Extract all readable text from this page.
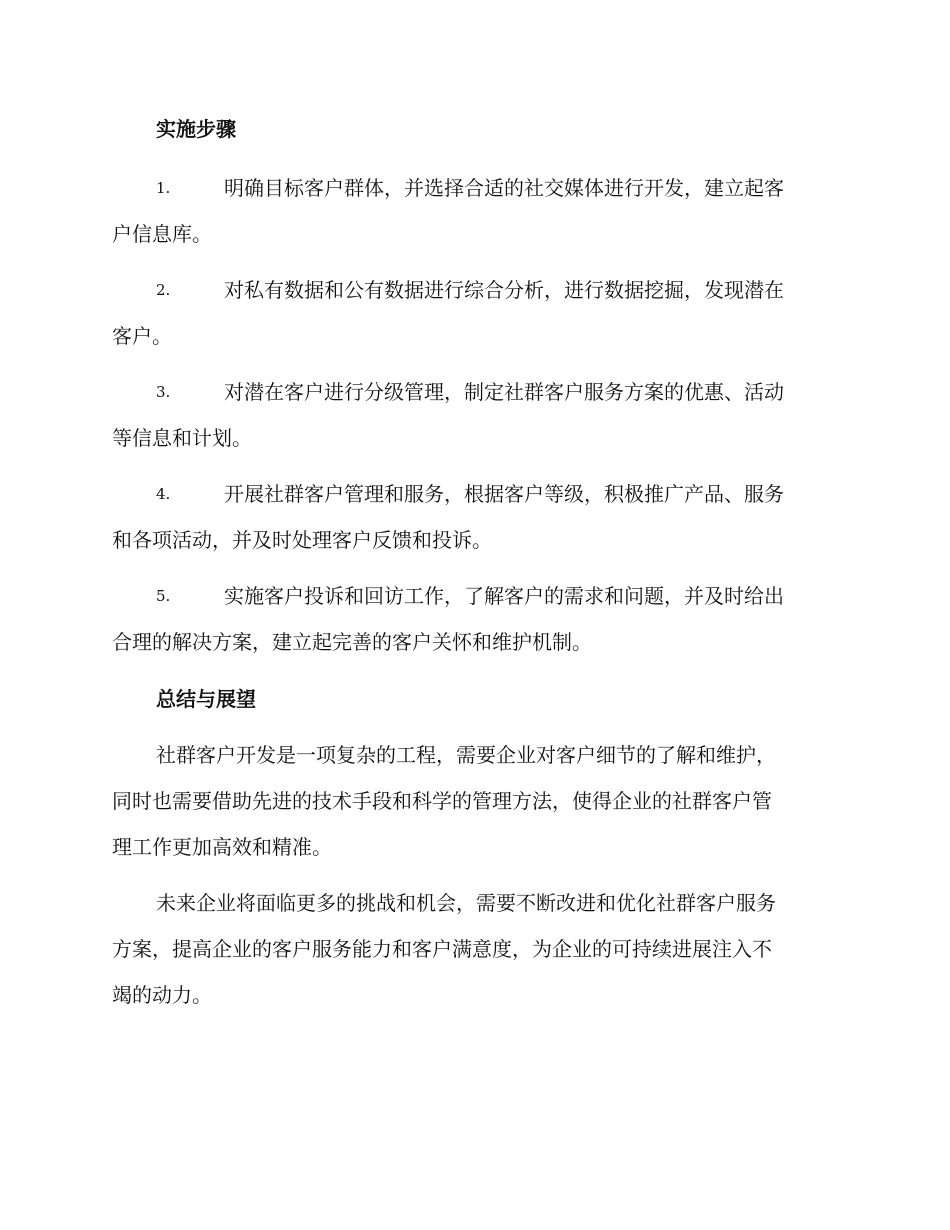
实施步骤
1.	明确目标客户群体，并选择合适的社交媒体进行开发，建立起客
户信息库。
2.	对私有数据和公有数据进行综合分析，进行数据挖掘，发现潜在
客户。
3.	对潜在客户进行分级管理，制定社群客户服务方案的优惠、活动
等信息和计划。
4.	开展社群客户管理和服务，根据客户等级，积极推广产品、服务
和各项活动，并及时处理客户反馈和投诉。
5.	实施客户投诉和回访工作，了解客户的需求和问题，并及时给出
合理的解决方案，建立起完善的客户关怀和维护机制。
总结与展望
社群客户开发是一项复杂的工程，需要企业对客户细节的了解和维护，
同时也需要借助先进的技术手段和科学的管理方法，使得企业的社群客户管
理工作更加高效和精准。
未来企业将面临更多的挑战和机会，需要不断改进和优化社群客户服务
方案，提高企业的客户服务能力和客户满意度，为企业的可持续进展注入不
竭的动力。
